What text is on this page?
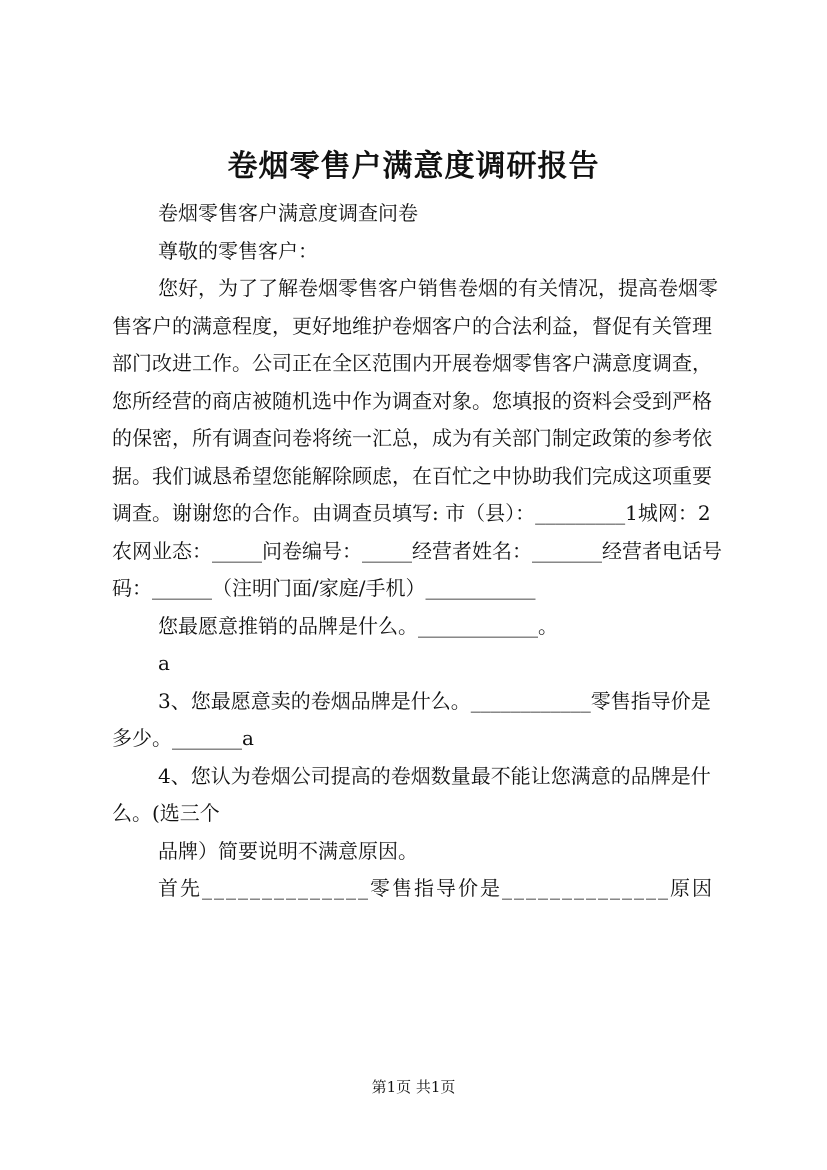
卷烟零售户满意度调研报告

卷烟零售客户满意度调查问卷

尊敬的零售客户：

您好，为了了解卷烟零售客户销售卷烟的有关情况，提高卷烟零售客户的满意程度，更好地维护卷烟客户的合法利益，督促有关管理部门改进工作。公司正在全区范围内开展卷烟零售客户满意度调查，您所经营的商店被随机选中作为调查对象。您填报的资料会受到严格的保密，所有调查问卷将统一汇总，成为有关部门制定政策的参考依据。我们诚恳希望您能解除顾虑，在百忙之中协助我们完成这项重要调查。谢谢您的合作。由调查员填写: 市（县）：_________1城网：2农网业态：_____问卷编号：_____经营者姓名：_______经营者电话号码：______（注明门面/家庭/手机）___________

您最愿意推销的品牌是什么。____________。

a

3、您最愿意卖的卷烟品牌是什么。____________零售指导价是多少。_______a

4、您认为卷烟公司提高的卷烟数量最不能让您满意的品牌是什么。(选三个

品牌）简要说明不满意原因。

首先______________零售指导价是______________原因

第1页 共1页
